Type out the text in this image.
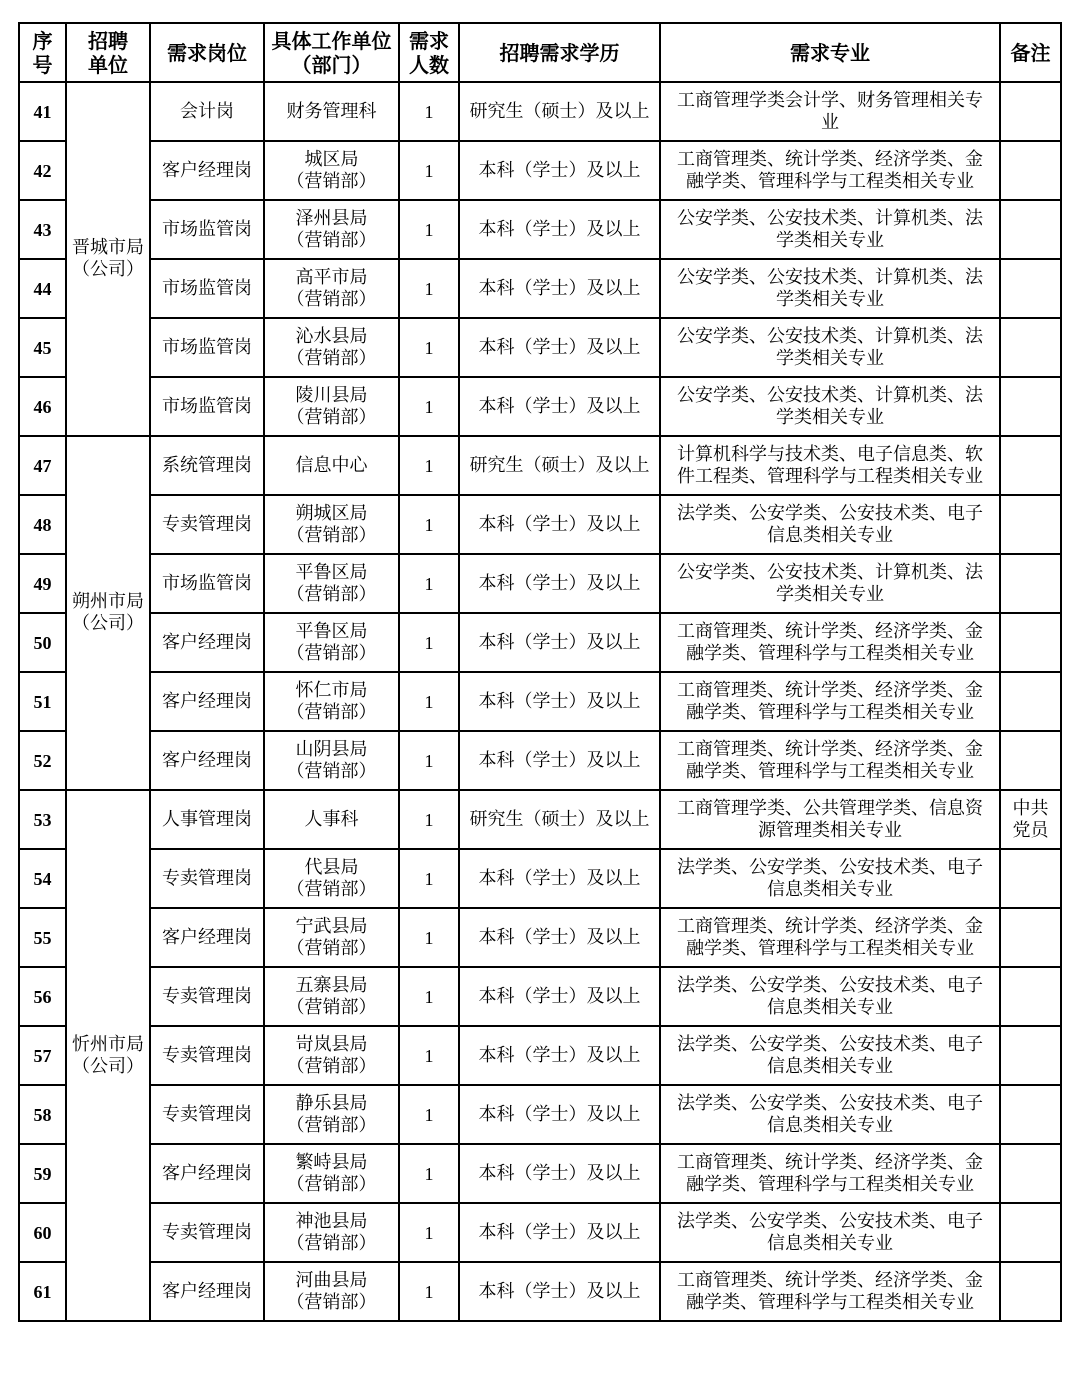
序
号	招聘
单位	需求岗位	具体工作单位
（部门）	需求
人数	招聘需求学历	需求专业	备注

41	晋城市局
（公司）	会计岗	财务管理科	1	研究生（硕士）及以上	工商管理学类会计学、财务管理相关专
业	

42		客户经理岗	城区局
（营销部）	1	本科（学士）及以上	工商管理类、统计学类、经济学类、金
融学类、管理科学与工程类相关专业	

43		市场监管岗	泽州县局
（营销部）	1	本科（学士）及以上	公安学类、公安技术类、计算机类、法
学类相关专业	

44		市场监管岗	高平市局
（营销部）	1	本科（学士）及以上	公安学类、公安技术类、计算机类、法
学类相关专业	

45		市场监管岗	沁水县局
（营销部）	1	本科（学士）及以上	公安学类、公安技术类、计算机类、法
学类相关专业	

46		市场监管岗	陵川县局
（营销部）	1	本科（学士）及以上	公安学类、公安技术类、计算机类、法
学类相关专业	

47	朔州市局
（公司）	系统管理岗	信息中心	1	研究生（硕士）及以上	计算机科学与技术类、电子信息类、软
件工程类、管理科学与工程类相关专业	

48		专卖管理岗	朔城区局
（营销部）	1	本科（学士）及以上	法学类、公安学类、公安技术类、电子
信息类相关专业	

49		市场监管岗	平鲁区局
（营销部）	1	本科（学士）及以上	公安学类、公安技术类、计算机类、法
学类相关专业	

50		客户经理岗	平鲁区局
（营销部）	1	本科（学士）及以上	工商管理类、统计学类、经济学类、金
融学类、管理科学与工程类相关专业	

51		客户经理岗	怀仁市局
（营销部）	1	本科（学士）及以上	工商管理类、统计学类、经济学类、金
融学类、管理科学与工程类相关专业	

52		客户经理岗	山阴县局
（营销部）	1	本科（学士）及以上	工商管理类、统计学类、经济学类、金
融学类、管理科学与工程类相关专业	

53	忻州市局
（公司）	人事管理岗	人事科	1	研究生（硕士）及以上	工商管理学类、公共管理学类、信息资
源管理类相关专业	中共
党员

54		专卖管理岗	代县局
（营销部）	1	本科（学士）及以上	法学类、公安学类、公安技术类、电子
信息类相关专业	

55		客户经理岗	宁武县局
（营销部）	1	本科（学士）及以上	工商管理类、统计学类、经济学类、金
融学类、管理科学与工程类相关专业	

56		专卖管理岗	五寨县局
（营销部）	1	本科（学士）及以上	法学类、公安学类、公安技术类、电子
信息类相关专业	

57		专卖管理岗	岢岚县局
（营销部）	1	本科（学士）及以上	法学类、公安学类、公安技术类、电子
信息类相关专业	

58		专卖管理岗	静乐县局
（营销部）	1	本科（学士）及以上	法学类、公安学类、公安技术类、电子
信息类相关专业	

59		客户经理岗	繁峙县局
（营销部）	1	本科（学士）及以上	工商管理类、统计学类、经济学类、金
融学类、管理科学与工程类相关专业	

60		专卖管理岗	神池县局
（营销部）	1	本科（学士）及以上	法学类、公安学类、公安技术类、电子
信息类相关专业	

61		客户经理岗	河曲县局
（营销部）	1	本科（学士）及以上	工商管理类、统计学类、经济学类、金
融学类、管理科学与工程类相关专业	
